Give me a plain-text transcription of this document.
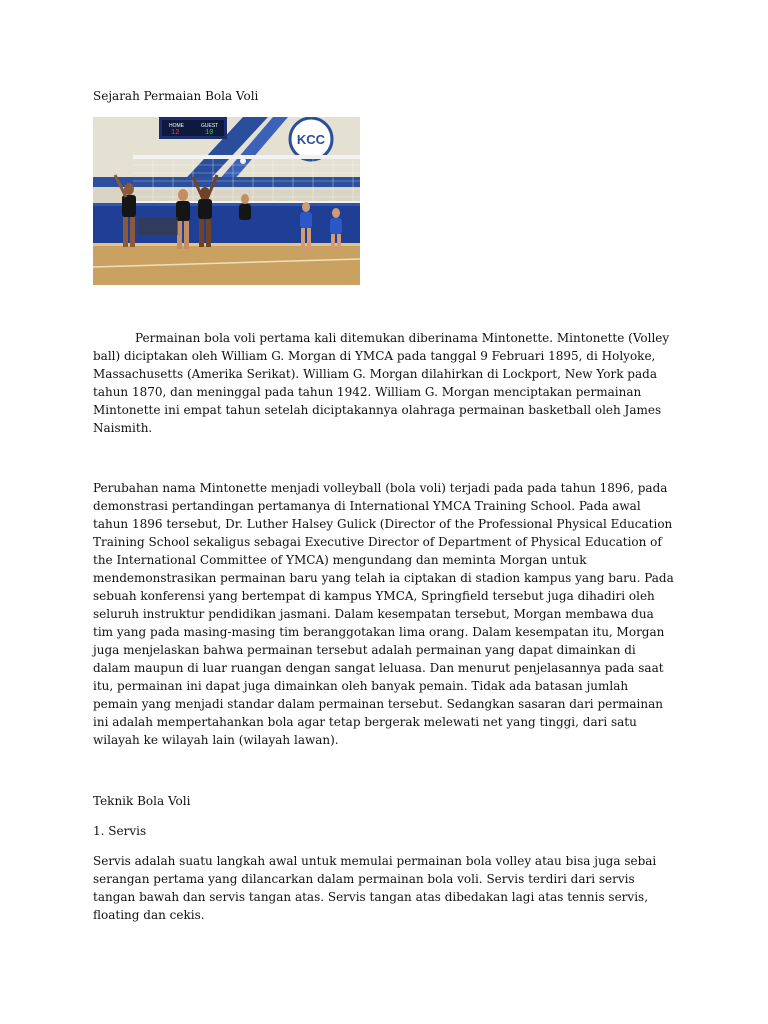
Sejarah Permaian Bola Voli
HOME	GUEST
12	10	KCC

Permainan bola voli pertama kali ditemukan diberinama Mintonette. Mintonette (Volley ball) diciptakan oleh William G. Morgan di YMCA pada tanggal 9 Februari 1895, di Holyoke, Massachusetts (Amerika Serikat). William G. Morgan dilahirkan di Lockport, New York pada tahun 1870, dan meninggal pada tahun 1942. William G. Morgan menciptakan permainan Mintonette ini empat tahun setelah diciptakannya olahraga permainan basketball oleh James Naismith.

Perubahan nama Mintonette menjadi volleyball (bola voli) terjadi pada pada tahun 1896, pada demonstrasi pertandingan pertamanya di International YMCA Training School. Pada awal tahun 1896 tersebut, Dr. Luther Halsey Gulick (Director of the Professional Physical Education Training School sekaligus sebagai Executive Director of Department of Physical Education of the International Committee of YMCA) mengundang dan meminta Morgan untuk mendemonstrasikan permainan baru yang telah ia ciptakan di stadion kampus yang baru. Pada sebuah konferensi yang bertempat di kampus YMCA, Springfield tersebut juga dihadiri oleh seluruh instruktur pendidikan jasmani. Dalam kesempatan tersebut, Morgan membawa dua tim yang pada masing-masing tim beranggotakan lima orang. Dalam kesempatan itu, Morgan juga menjelaskan bahwa permainan tersebut adalah permainan yang dapat dimainkan di dalam maupun di luar ruangan dengan sangat leluasa. Dan menurut penjelasannya pada saat itu, permainan ini dapat juga dimainkan oleh banyak pemain. Tidak ada batasan jumlah pemain yang menjadi standar dalam permainan tersebut. Sedangkan sasaran dari permainan ini adalah mempertahankan bola agar tetap bergerak melewati net yang tinggi, dari satu wilayah ke wilayah lain (wilayah lawan).

Teknik Bola Voli
1. Servis

Servis adalah suatu langkah awal untuk memulai permainan bola volley atau bisa juga sebai serangan pertama yang dilancarkan dalam permainan bola voli. Servis terdiri dari servis tangan bawah dan servis tangan atas. Servis tangan atas dibedakan lagi atas tennis servis, floating dan cekis.
